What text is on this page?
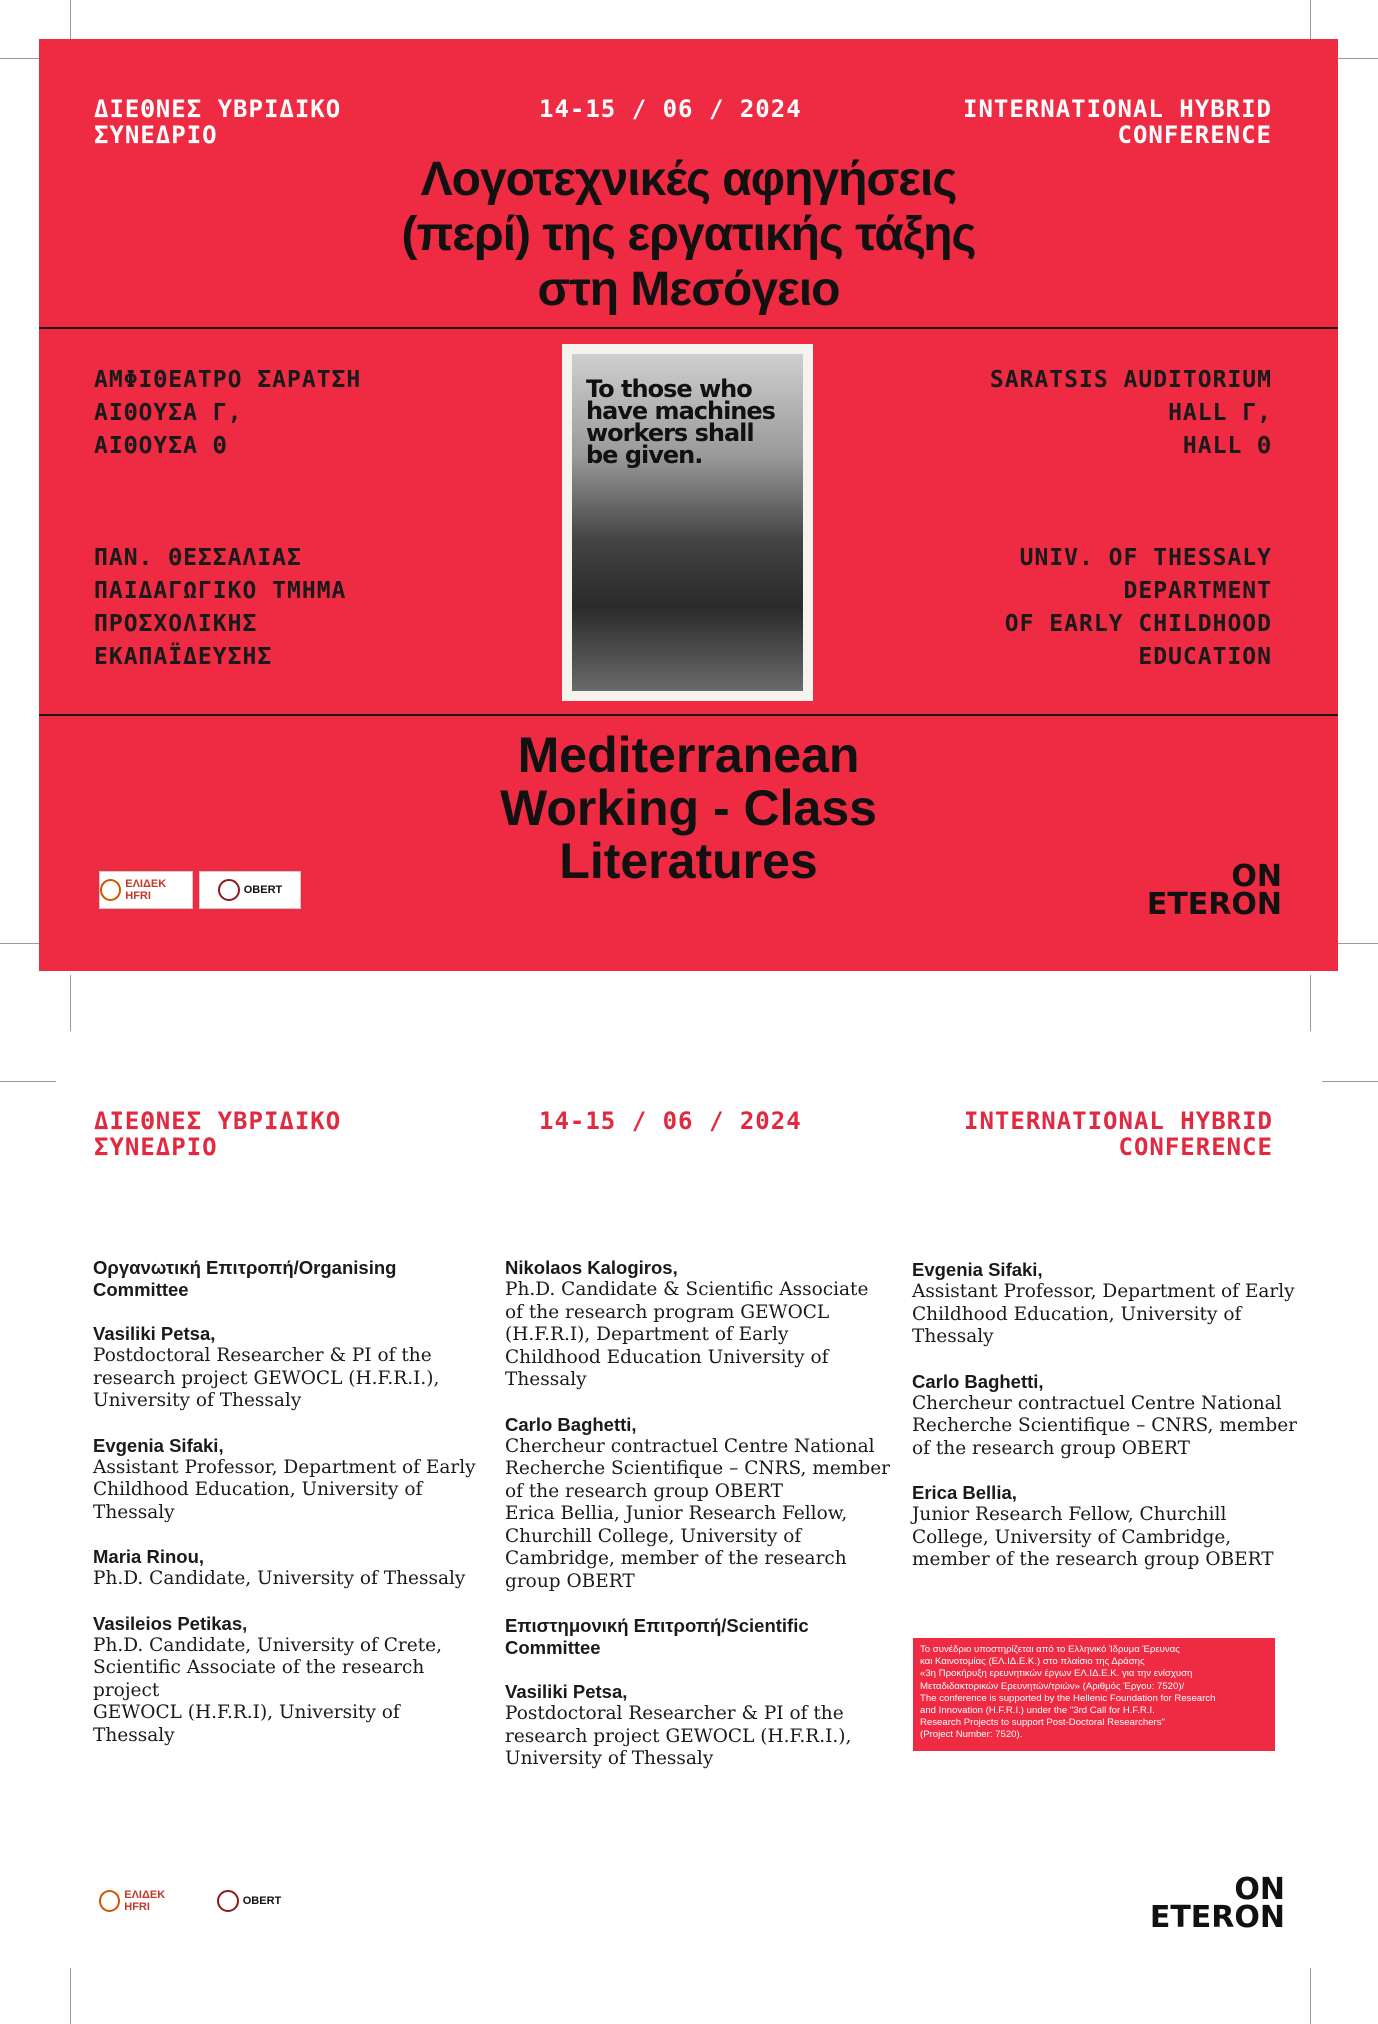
ΔΙΕΘΝΕΣ ΥΒΡΙΔΙΚΟ
ΣΥΝΕΔΡΙΟ
14-15 / 06 / 2024	INTERNATIONAL HYBRID
CONFERENCE
Λογοτεχνικές αφηγήσεις
(περί) της εργατικής τάξης
στη Μεσόγειο
ΑΜΦΙΘΕΑΤΡΟ ΣΑΡΑΤΣΗ
ΑΙΘΟΥΣΑ Γ,
ΑΙΘΟΥΣΑ Θ
SARATSIS AUDITORIUM
HALL Γ,
HALL Θ
ΠΑΝ. ΘΕΣΣΑΛΙΑΣ
ΠΑΙΔΑΓΩΓΙΚΟ ΤΜΗΜΑ
ΠΡΟΣΧΟΛΙΚΗΣ
ΕΚΑΠΑΪΔΕΥΣΗΣ
UNIV. OF THESSALY
DEPARTMENT
OF EARLY CHILDHOOD
EDUCATION
To those who have machines workers shall be given.
Mediterranean
Working - Class
Literatures
ΕΛΙΔΕΚ HFRI	OBERT	ON
ETERON
ΔΙΕΘΝΕΣ ΥΒΡΙΔΙΚΟ
ΣΥΝΕΔΡΙΟ
14-15 / 06 / 2024	INTERNATIONAL HYBRID
CONFERENCE
Οργανωτική Επιτροπή/Organising Committee
Vasiliki Petsa,
Postdoctoral Researcher & PI of the research project GEWOCL (H.F.R.I.), University of Thessaly
Evgenia Sifaki,
Assistant Professor, Department of Early Childhood Education, University of Thessaly
Maria Rinou,
Ph.D. Candidate, University of Thessaly
Vasileios Petikas,
Ph.D. Candidate, University of Crete, Scientific Associate of the research project
GEWOCL (H.F.R.I), University of Thessaly
Nikolaos Kalogiros,
Ph.D. Candidate & Scientific Associate of the research program GEWOCL (H.F.R.I), Department of Early Childhood Education University of Thessaly
Carlo Baghetti,
Chercheur contractuel Centre National Recherche Scientifique – CNRS, member of the research group OBERT
Erica Bellia, Junior Research Fellow, Churchill College, University of Cambridge, member of the research group OBERT
Επιστημονική Επιτροπή/Scientific Committee
Vasiliki Petsa,
Postdoctoral Researcher & PI of the research project GEWOCL (H.F.R.I.), University of Thessaly
Evgenia Sifaki,
Assistant Professor, Department of Early Childhood Education, University of Thessaly
Carlo Baghetti,
Chercheur contractuel Centre National Recherche Scientifique – CNRS, member of the research group OBERT
Erica Bellia,
Junior Research Fellow, Churchill College, University of Cambridge, member of the research group OBERT
Το συνέδριο υποστηρίζεται από το Ελληνικό Ίδρυμα Έρευνας
και Καινοτομίας (ΕΛ.ΙΔ.Ε.Κ.) στο πλαίσιο της Δράσης
«3η Προκήρυξη ερευνητικών έργων ΕΛ.ΙΔ.Ε.Κ. για την ενίσχυση
Μεταδιδακτορικών Ερευνητών/τριών» (Αριθμός Έργου: 7520)/
The conference is supported by the Hellenic Foundation for Research
and Innovation (H.F.R.I.) under the "3rd Call for H.F.R.I.
Research Projects to support Post-Doctoral Researchers"
(Project Number: 7520).
ΕΛΙΔΕΚ HFRI	OBERT	ON
ETERON
